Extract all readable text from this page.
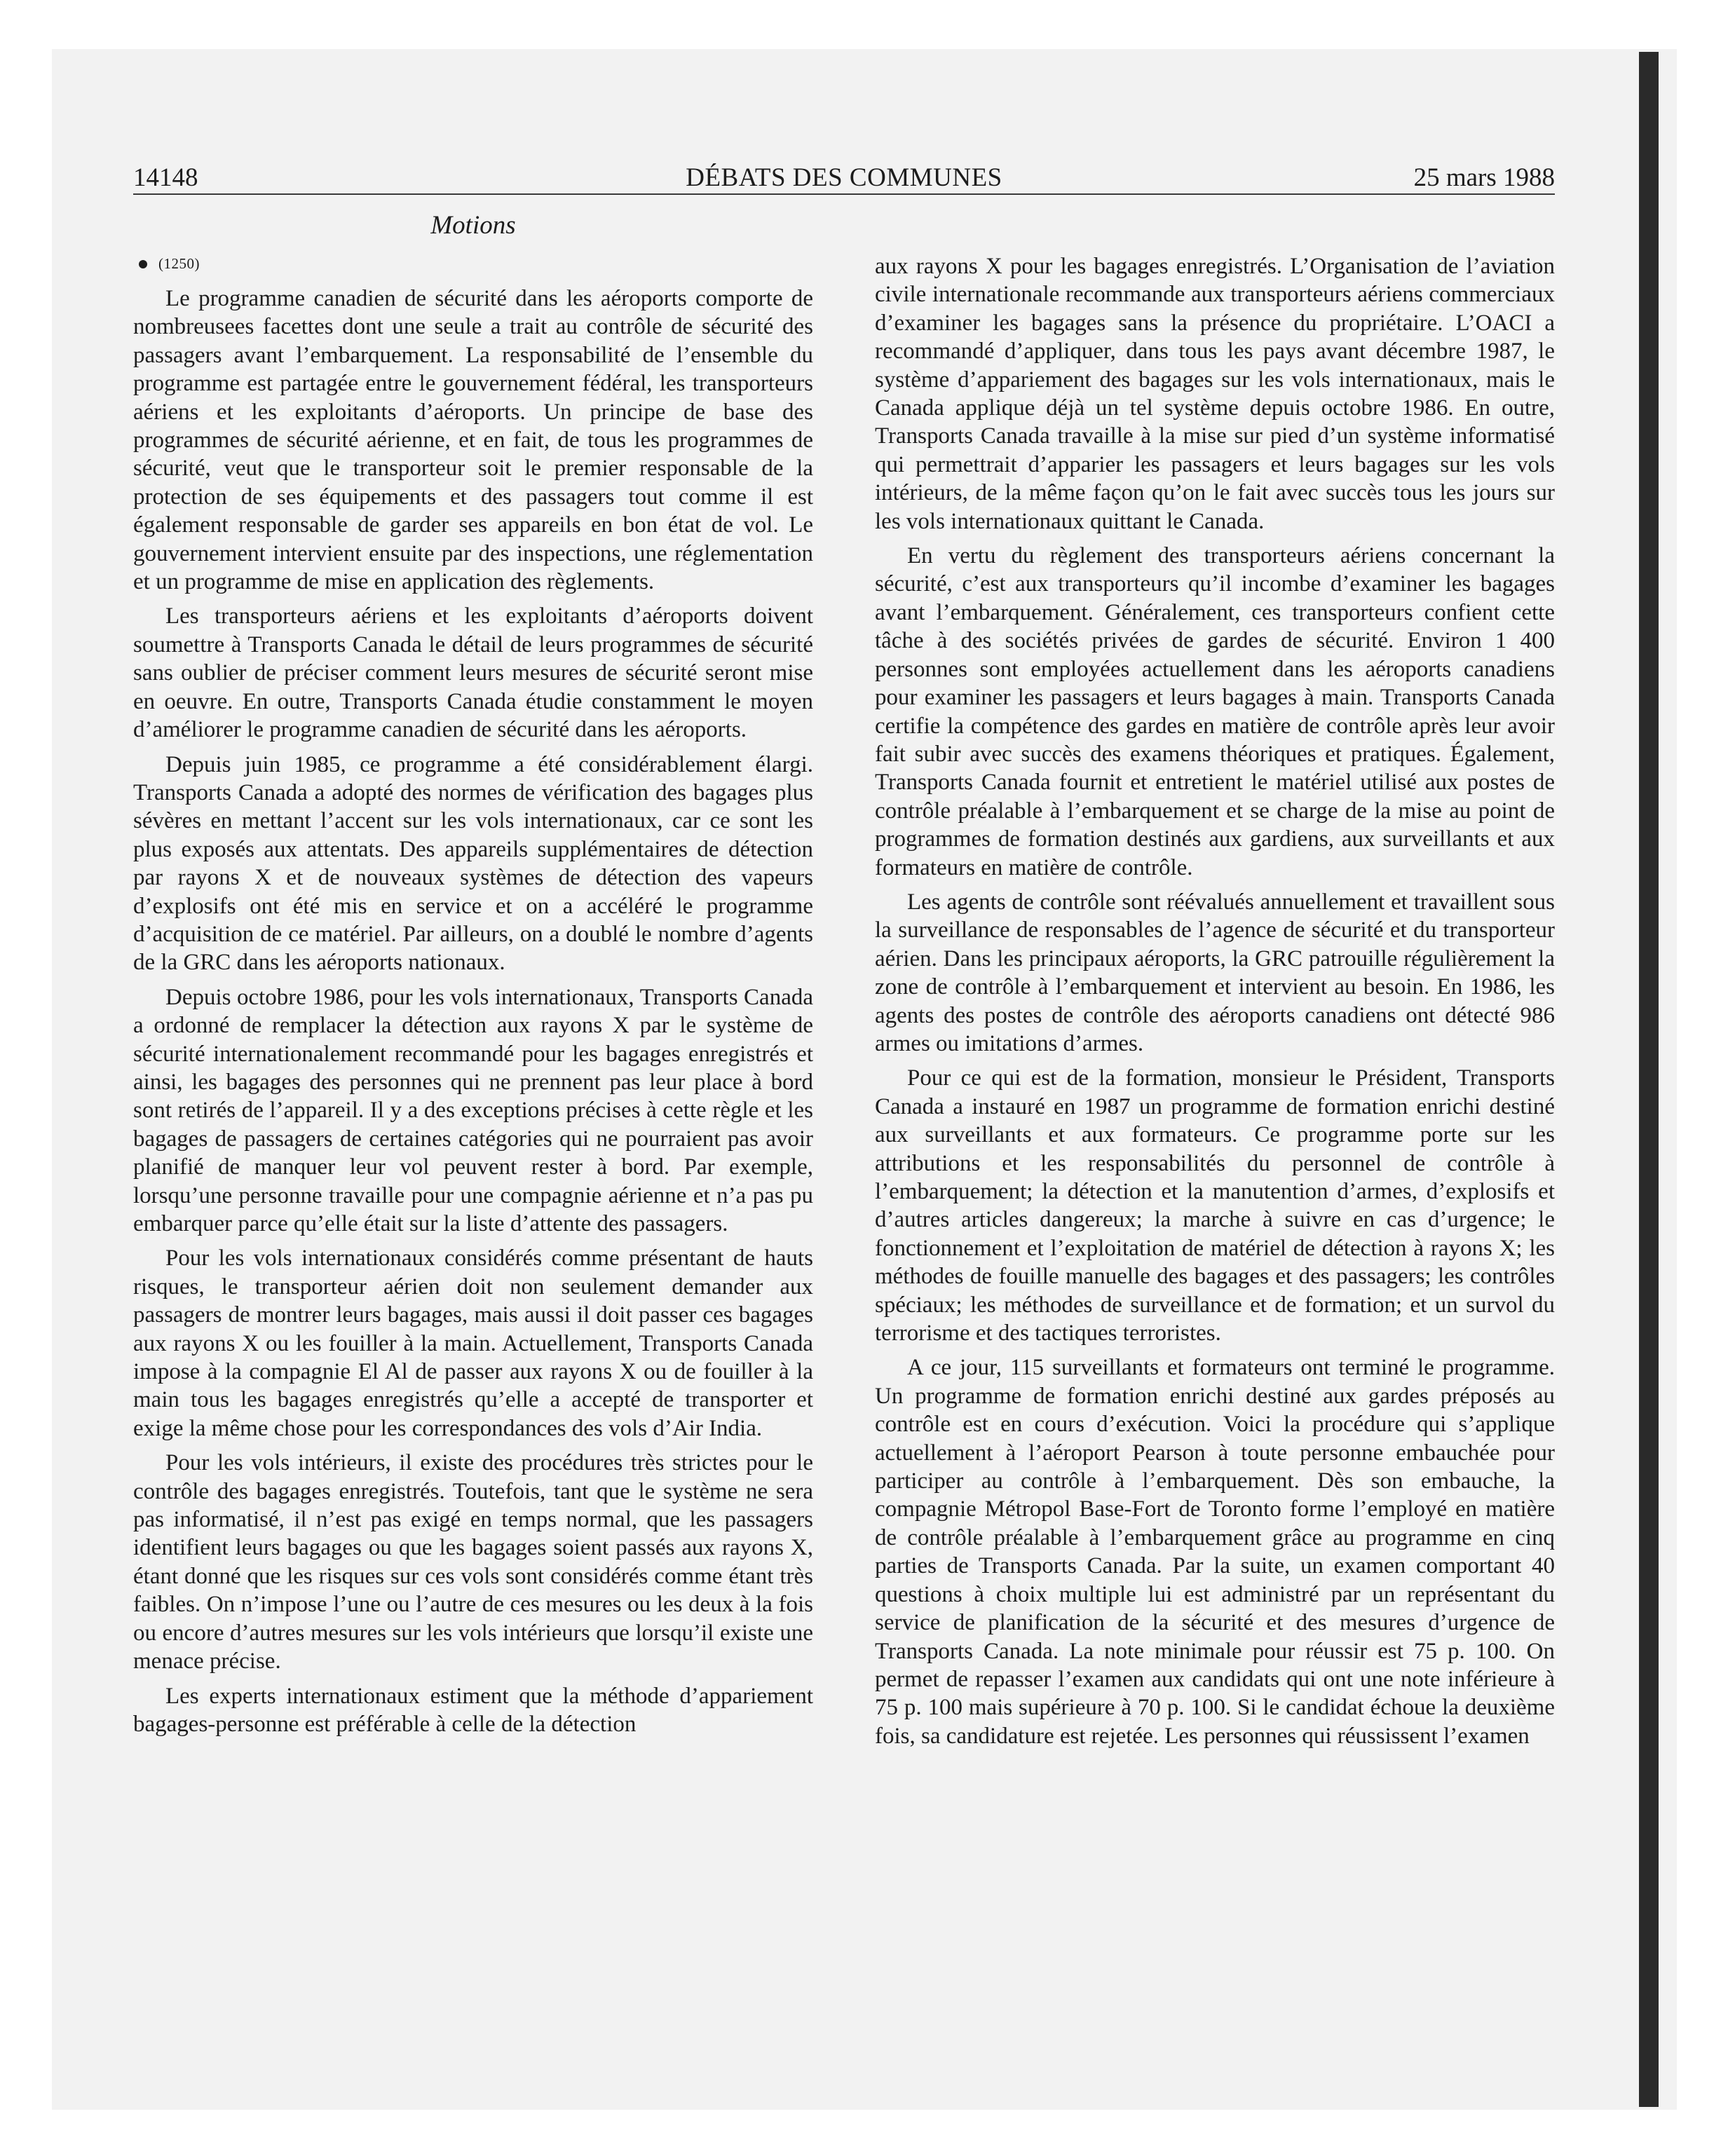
14148	DÉBATS DES COMMUNES	25 mars 1988
Motions
(1250)

Le programme canadien de sécurité dans les aéroports comporte de nombreusees facettes dont une seule a trait au contrôle de sécurité des passagers avant l’embarquement. La responsabilité de l’ensemble du programme est partagée entre le gouvernement fédéral, les transporteurs aériens et les exploitants d’aéroports. Un principe de base des programmes de sécurité aérienne, et en fait, de tous les programmes de sécurité, veut que le transporteur soit le premier responsable de la protection de ses équipements et des passagers tout comme il est également responsable de garder ses appareils en bon état de vol. Le gouvernement intervient ensuite par des inspections, une réglementation et un programme de mise en application des règlements.

Les transporteurs aériens et les exploitants d’aéroports doivent soumettre à Transports Canada le détail de leurs programmes de sécurité sans oublier de préciser comment leurs mesures de sécurité seront mise en oeuvre. En outre, Transports Canada étudie constamment le moyen d’améliorer le programme canadien de sécurité dans les aéroports.

Depuis juin 1985, ce programme a été considérablement élargi. Transports Canada a adopté des normes de vérification des bagages plus sévères en mettant l’accent sur les vols internationaux, car ce sont les plus exposés aux attentats. Des appareils supplémentaires de détection par rayons X et de nouveaux systèmes de détection des vapeurs d’explosifs ont été mis en service et on a accéléré le programme d’acquisition de ce matériel. Par ailleurs, on a doublé le nombre d’agents de la GRC dans les aéroports nationaux.

Depuis octobre 1986, pour les vols internationaux, Transports Canada a ordonné de remplacer la détection aux rayons X par le système de sécurité internationalement recommandé pour les bagages enregistrés et ainsi, les bagages des personnes qui ne prennent pas leur place à bord sont retirés de l’appareil. Il y a des exceptions précises à cette règle et les bagages de passagers de certaines catégories qui ne pourraient pas avoir planifié de manquer leur vol peuvent rester à bord. Par exemple, lorsqu’une personne travaille pour une compagnie aérienne et n’a pas pu embarquer parce qu’elle était sur la liste d’attente des passagers.

Pour les vols internationaux considérés comme présentant de hauts risques, le transporteur aérien doit non seulement demander aux passagers de montrer leurs bagages, mais aussi il doit passer ces bagages aux rayons X ou les fouiller à la main. Actuellement, Transports Canada impose à la compagnie El Al de passer aux rayons X ou de fouiller à la main tous les bagages enregistrés qu’elle a accepté de transporter et exige la même chose pour les correspondances des vols d’Air India.

Pour les vols intérieurs, il existe des procédures très strictes pour le contrôle des bagages enregistrés. Toutefois, tant que le système ne sera pas informatisé, il n’est pas exigé en temps normal, que les passagers identifient leurs bagages ou que les bagages soient passés aux rayons X, étant donné que les risques sur ces vols sont considérés comme étant très faibles. On n’impose l’une ou l’autre de ces mesures ou les deux à la fois ou encore d’autres mesures sur les vols intérieurs que lorsqu’il existe une menace précise.

Les experts internationaux estiment que la méthode d’appariement bagages-personne est préférable à celle de la détection

aux rayons X pour les bagages enregistrés. L’Organisation de l’aviation civile internationale recommande aux transporteurs aériens commerciaux d’examiner les bagages sans la présence du propriétaire. L’OACI a recommandé d’appliquer, dans tous les pays avant décembre 1987, le système d’appariement des bagages sur les vols internationaux, mais le Canada applique déjà un tel système depuis octobre 1986. En outre, Transports Canada travaille à la mise sur pied d’un système informatisé qui permettrait d’apparier les passagers et leurs bagages sur les vols intérieurs, de la même façon qu’on le fait avec succès tous les jours sur les vols internationaux quittant le Canada.

En vertu du règlement des transporteurs aériens concernant la sécurité, c’est aux transporteurs qu’il incombe d’examiner les bagages avant l’embarquement. Généralement, ces transporteurs confient cette tâche à des sociétés privées de gardes de sécurité. Environ 1 400 personnes sont employées actuellement dans les aéroports canadiens pour examiner les passagers et leurs bagages à main. Transports Canada certifie la compétence des gardes en matière de contrôle après leur avoir fait subir avec succès des examens théoriques et pratiques. Également, Transports Canada fournit et entretient le matériel utilisé aux postes de contrôle préalable à l’embarquement et se charge de la mise au point de programmes de formation destinés aux gardiens, aux surveillants et aux formateurs en matière de contrôle.

Les agents de contrôle sont réévalués annuellement et travaillent sous la surveillance de responsables de l’agence de sécurité et du transporteur aérien. Dans les principaux aéroports, la GRC patrouille régulièrement la zone de contrôle à l’embarquement et intervient au besoin. En 1986, les agents des postes de contrôle des aéroports canadiens ont détecté 986 armes ou imitations d’armes.

Pour ce qui est de la formation, monsieur le Président, Transports Canada a instauré en 1987 un programme de formation enrichi destiné aux surveillants et aux formateurs. Ce programme porte sur les attributions et les responsabilités du personnel de contrôle à l’embarquement; la détection et la manutention d’armes, d’explosifs et d’autres articles dangereux; la marche à suivre en cas d’urgence; le fonctionnement et l’exploitation de matériel de détection à rayons X; les méthodes de fouille manuelle des bagages et des passagers; les contrôles spéciaux; les méthodes de surveillance et de formation; et un survol du terrorisme et des tactiques terroristes.

A ce jour, 115 surveillants et formateurs ont terminé le programme. Un programme de formation enrichi destiné aux gardes préposés au contrôle est en cours d’exécution. Voici la procédure qui s’applique actuellement à l’aéroport Pearson à toute personne embauchée pour participer au contrôle à l’embarquement. Dès son embauche, la compagnie Métropol Base-Fort de Toronto forme l’employé en matière de contrôle préalable à l’embarquement grâce au programme en cinq parties de Transports Canada. Par la suite, un examen comportant 40 questions à choix multiple lui est administré par un représentant du service de planification de la sécurité et des mesures d’urgence de Transports Canada. La note minimale pour réussir est 75 p. 100. On permet de repasser l’examen aux candidats qui ont une note inférieure à 75 p. 100 mais supérieure à 70 p. 100. Si le candidat échoue la deuxième fois, sa candidature est rejetée. Les personnes qui réussissent l’examen
